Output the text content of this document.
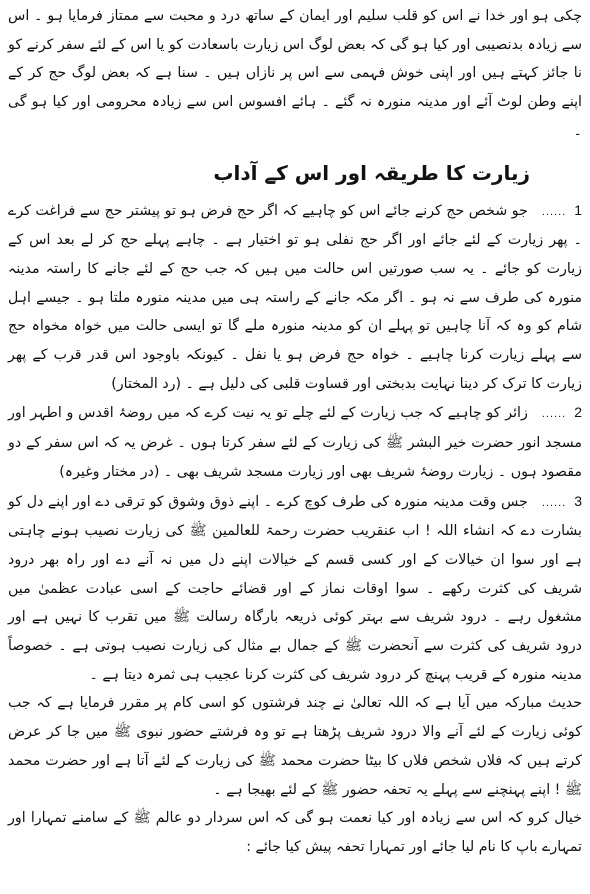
چکی ہو اور خدا نے اس کو قلب سلیم اور ایمان کے ساتھ درد و محبت سے ممتاز فرمایا ہو ۔ اس سے زیادہ بدنصیبی اور کیا ہو گی کہ بعض لوگ اس زیارت باسعادت کو یا اس کے لئے سفر کرنے کو نا جائز کہتے ہیں اور اپنی خوش فہمی سے اس پر نازاں ہیں ۔ سنا ہے کہ بعض لوگ حج کر کے اپنے وطن لوٹ آئے اور مدینہ منورہ نہ گئے ۔ ہائے افسوس اس سے زیادہ محرومی اور کیا ہو گی ۔

زیارت کا طریقہ اور اس کے آداب

1......جو شخص حج کرنے جائے اس کو چاہیے کہ اگر حج فرض ہو تو پیشتر حج سے فراغت کرے ۔ پھر زیارت کے لئے جائے اور اگر حج نفلی ہو تو اختیار ہے ۔ چاہے پہلے حج کر لے بعد اس کے زیارت کو جائے ۔ یہ سب صورتیں اس حالت میں ہیں کہ جب حج کے لئے جانے کا راستہ مدینہ منورہ کی طرف سے نہ ہو ۔ اگر مکہ جانے کے راستہ ہی میں مدینہ منورہ ملتا ہو ۔ جیسے اہل شام کو وہ کہ آنا چاہیں تو پہلے ان کو مدینہ منورہ ملے گا تو ایسی حالت میں خواہ مخواہ حج سے پہلے زیارت کرنا چاہیے ۔ خواہ حج فرض ہو یا نفل ۔ کیونکہ باوجود اس قدر قرب کے پھر زیارت کا ترک کر دینا نہایت بدبختی اور قساوت قلبی کی دلیل ہے ۔ (رد المختار)

2......زائر کو چاہیے کہ جب زیارت کے لئے چلے تو یہ نیت کرے کہ میں روضۂ اقدس و اطہر اور مسجد انور حضرت خیر البشر ﷺ کی زیارت کے لئے سفر کرتا ہوں ۔ غرض یہ کہ اس سفر کے دو مقصود ہوں ۔ زیارت روضۂ شریف بھی اور زیارت مسجد شریف بھی ۔ (در مختار وغیرہ)

3......جس وقت مدینہ منورہ کی طرف کوچ کرے ۔ اپنے ذوق وشوق کو ترقی دے اور اپنے دل کو بشارت دے کہ انشاء اللہ ! اب عنقریب حضرت رحمۃ للعالمین ﷺ کی زیارت نصیب ہونے چاہتی ہے اور سوا ان خیالات کے اور کسی قسم کے خیالات اپنے دل میں نہ آنے دے اور راہ بھر درود شریف کی کثرت رکھے ۔ سوا اوقات نماز کے اور قضائے حاجت کے اسی عبادت عظمیٰ میں مشغول رہے ۔ درود شریف سے بہتر کوئی ذریعہ بارگاہ رسالت ﷺ میں تقرب کا نہیں ہے اور درود شریف کی کثرت سے آنحضرت ﷺ کے جمال بے مثال کی زیارت نصیب ہوتی ہے ۔ خصوصاً مدینہ منورہ کے قریب پہنچ کر درود شریف کی کثرت کرنا عجیب ہی ثمرہ دیتا ہے ۔

حدیث مبارکہ میں آیا ہے کہ اللہ تعالیٰ نے چند فرشتوں کو اسی کام پر مقرر فرمایا ہے کہ جب کوئی زیارت کے لئے آنے والا درود شریف پڑھتا ہے تو وہ فرشتے حضور نبوی ﷺ میں جا کر عرض کرتے ہیں کہ فلاں شخص فلاں کا بیٹا حضرت محمد ﷺ کی زیارت کے لئے آتا ہے اور حضرت محمد ﷺ ! اپنے پہنچنے سے پہلے یہ تحفہ حضور ﷺ کے لئے بھیجا ہے ۔

خیال کرو کہ اس سے زیادہ اور کیا نعمت ہو گی کہ اس سردار دو عالم ﷺ کے سامنے تمہارا اور تمہارے باپ کا نام لیا جائے اور تمہارا تحفہ پیش کیا جائے :
